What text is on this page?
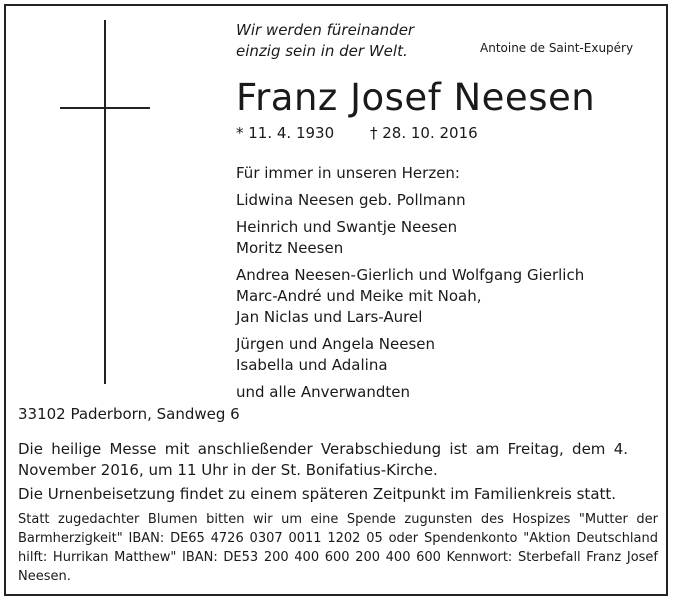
Wir werden füreinander
einzig sein in der Welt.	Antoine de Saint-Exupéry
Franz Josef Neesen
* 11. 4. 1930 † 28. 10. 2016
Für immer in unseren Herzen:
Lidwina Neesen geb. Pollmann
Heinrich und Swantje Neesen
Moritz Neesen
Andrea Neesen-Gierlich und Wolfgang Gierlich
Marc-André und Meike mit Noah,
Jan Niclas und Lars-Aurel
Jürgen und Angela Neesen
Isabella und Adalina
und alle Anverwandten
33102 Paderborn, Sandweg 6
Die heilige Messe mit anschließender Verabschiedung ist am Freitag, dem 4. November 2016, um 11 Uhr in der St. Bonifatius-Kirche.
Die Urnenbeisetzung findet zu einem späteren Zeitpunkt im Familienkreis statt.
Statt zugedachter Blumen bitten wir um eine Spende zugunsten des Hospizes "Mutter der Barmherzigkeit" IBAN: DE65 4726 0307 0011 1202 05 oder Spendenkonto "Aktion Deutschland hilft: Hurrikan Matthew" IBAN: DE53 200 400 600 200 400 600 Kennwort: Sterbefall Franz Josef Neesen.
